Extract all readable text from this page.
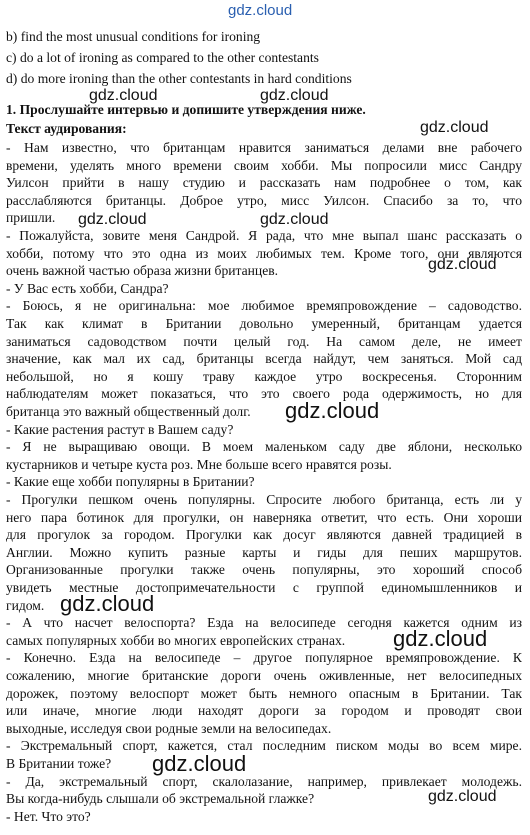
gdz.cloud
b) find the most unusual conditions for ironing
c) do a lot of ironing as compared to the other contestants
d) do more ironing than the other contestants in hard conditions
1. Прослушайте интервью и допишите утверждения ниже.
Текст аудирования:
- Нам известно, что британцам нравится заниматься делами вне рабочего
времени, уделять много времени своим хобби. Мы попросили мисс Сандру
Уилсон прийти в нашу студию и рассказать нам подробнее о том, как
расслабляются британцы. Доброе утро, мисс Уилсон. Спасибо за то, что
пришли.
- Пожалуйста, зовите меня Сандрой. Я рада, что мне выпал шанс рассказать о
хобби, потому что это одна из моих любимых тем. Кроме того, они являются
очень важной частью образа жизни британцев.
- У Вас есть хобби, Сандра?
- Боюсь, я не оригинальна: мое любимое времяпровождение – садоводство.
Так как климат в Британии довольно умеренный, британцам удается
заниматься садоводством почти целый год. На самом деле, не имеет
значение, как мал их сад, британцы всегда найдут, чем заняться. Мой сад
небольшой, но я кошу траву каждое утро воскресенья. Сторонним
наблюдателям может показаться, что это своего рода одержимость, но для
британца это важный общественный долг.
- Какие растения растут в Вашем саду?
- Я не выращиваю овощи. В моем маленьком саду две яблони, несколько
кустарников и четыре куста роз. Мне больше всего нравятся розы.
- Какие еще хобби популярны в Британии?
- Прогулки пешком очень популярны. Спросите любого британца, есть ли у
него пара ботинок для прогулки, он наверняка ответит, что есть. Они хороши
для прогулок за городом. Прогулки как досуг являются давней традицией в
Англии. Можно купить разные карты и гиды для пеших маршрутов.
Организованные прогулки также очень популярны, это хороший способ
увидеть местные достопримечательности с группой единомышленников и
гидом.
- А что насчет велоспорта? Езда на велосипеде сегодня кажется одним из
самых популярных хобби во многих европейских странах.
- Конечно. Езда на велосипеде – другое популярное времяпровождение. К
сожалению, многие британские дороги очень оживленные, нет велосипедных
дорожек, поэтому велоспорт может быть немного опасным в Британии. Так
или иначе, многие люди находят дороги за городом и проводят свои
выходные, исследуя свои родные земли на велосипедах.
- Экстремальный спорт, кажется, стал последним писком моды во всем мире.
В Британии тоже?
- Да, экстремальный спорт, скалолазание, например, привлекает молодежь.
Вы когда-нибудь слышали об экстремальной глажке?
- Нет. Что это?
gdz.cloud	gdz.cloud
gdz.cloud
gdz.cloud	gdz.cloud
gdz.cloud
gdz.cloud
gdz.cloud
gdz.cloud
gdz.cloud
gdz.cloud
